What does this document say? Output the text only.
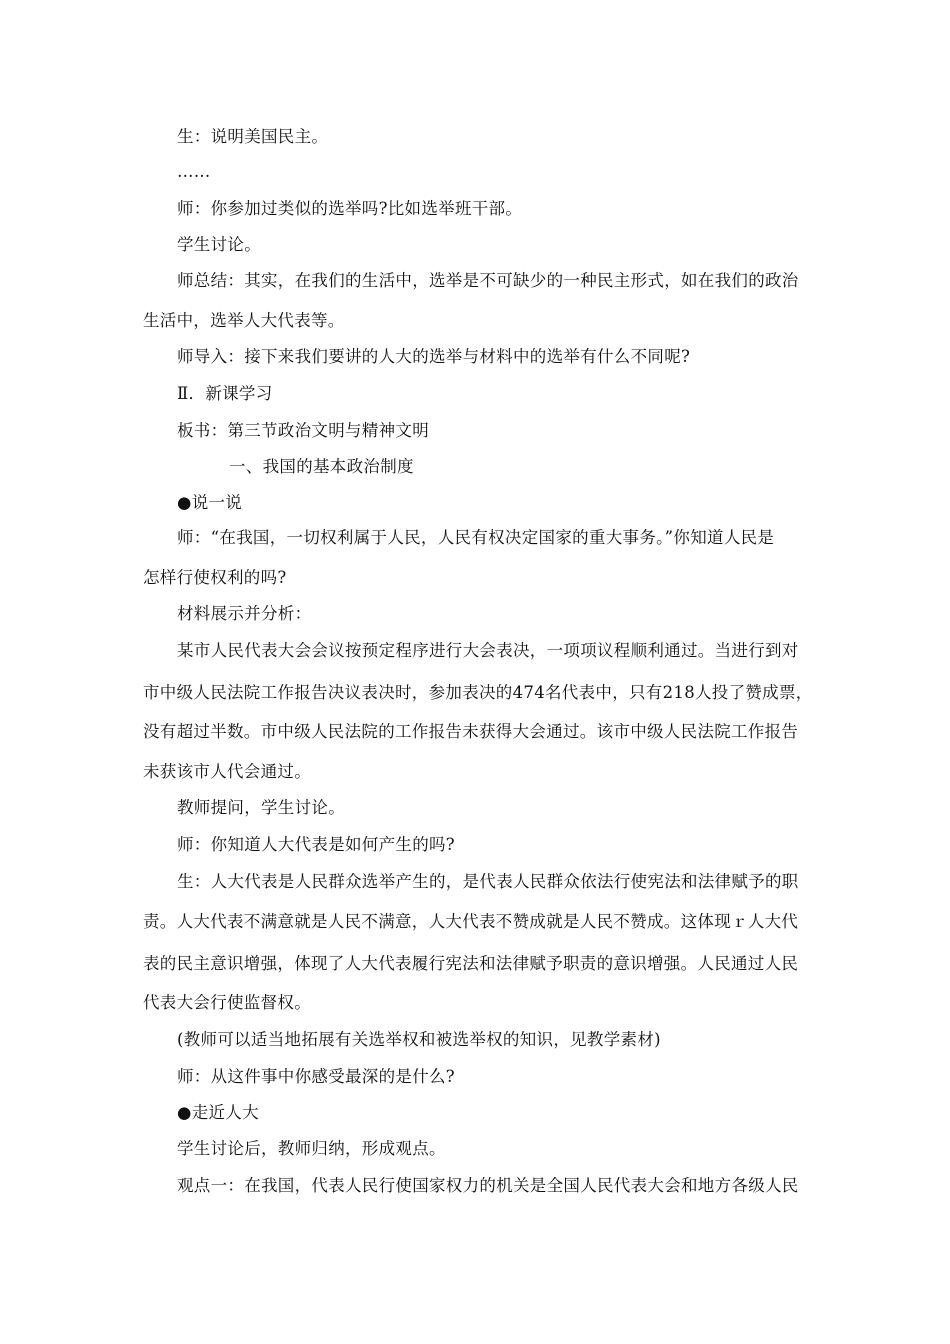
生：说明美国民主。
……
师：你参加过类似的选举吗?比如选举班干部。
学生讨论。
师总结：其实，在我们的生活中，选举是不可缺少的一种民主形式，如在我们的政治
生活中，选举人大代表等。
师导入：接下来我们要讲的人大的选举与材料中的选举有什么不同呢?
Ⅱ．新课学习
板书：第三节政治文明与精神文明
一、我国的基本政治制度
●说一说
师：“在我国，一切权利属于人民，人民有权决定国家的重大事务。”你知道人民是
怎样行使权利的吗?
材料展示并分析：
某市人民代表大会会议按预定程序进行大会表决，一项项议程顺利通过。当进行到对
市中级人民法院工作报告决议表决时，参加表决的474名代表中，只有218人投了赞成票，
没有超过半数。市中级人民法院的工作报告未获得大会通过。该市中级人民法院工作报告
未获该市人代会通过。
教师提问，学生讨论。
师：你知道人大代表是如何产生的吗?
生：人大代表是人民群众选举产生的，是代表人民群众依法行使宪法和法律赋予的职
责。人大代表不满意就是人民不满意，人大代表不赞成就是人民不赞成。这体现ｒ人大代
表的民主意识增强，体现了人大代表履行宪法和法律赋予职责的意识增强。人民通过人民
代表大会行使监督权。
(教师可以适当地拓展有关选举权和被选举权的知识，见教学素材)
师：从这件事中你感受最深的是什么?
●走近人大
学生讨论后，教师归纳，形成观点。
观点一：在我国，代表人民行使国家权力的机关是全国人民代表大会和地方各级人民
